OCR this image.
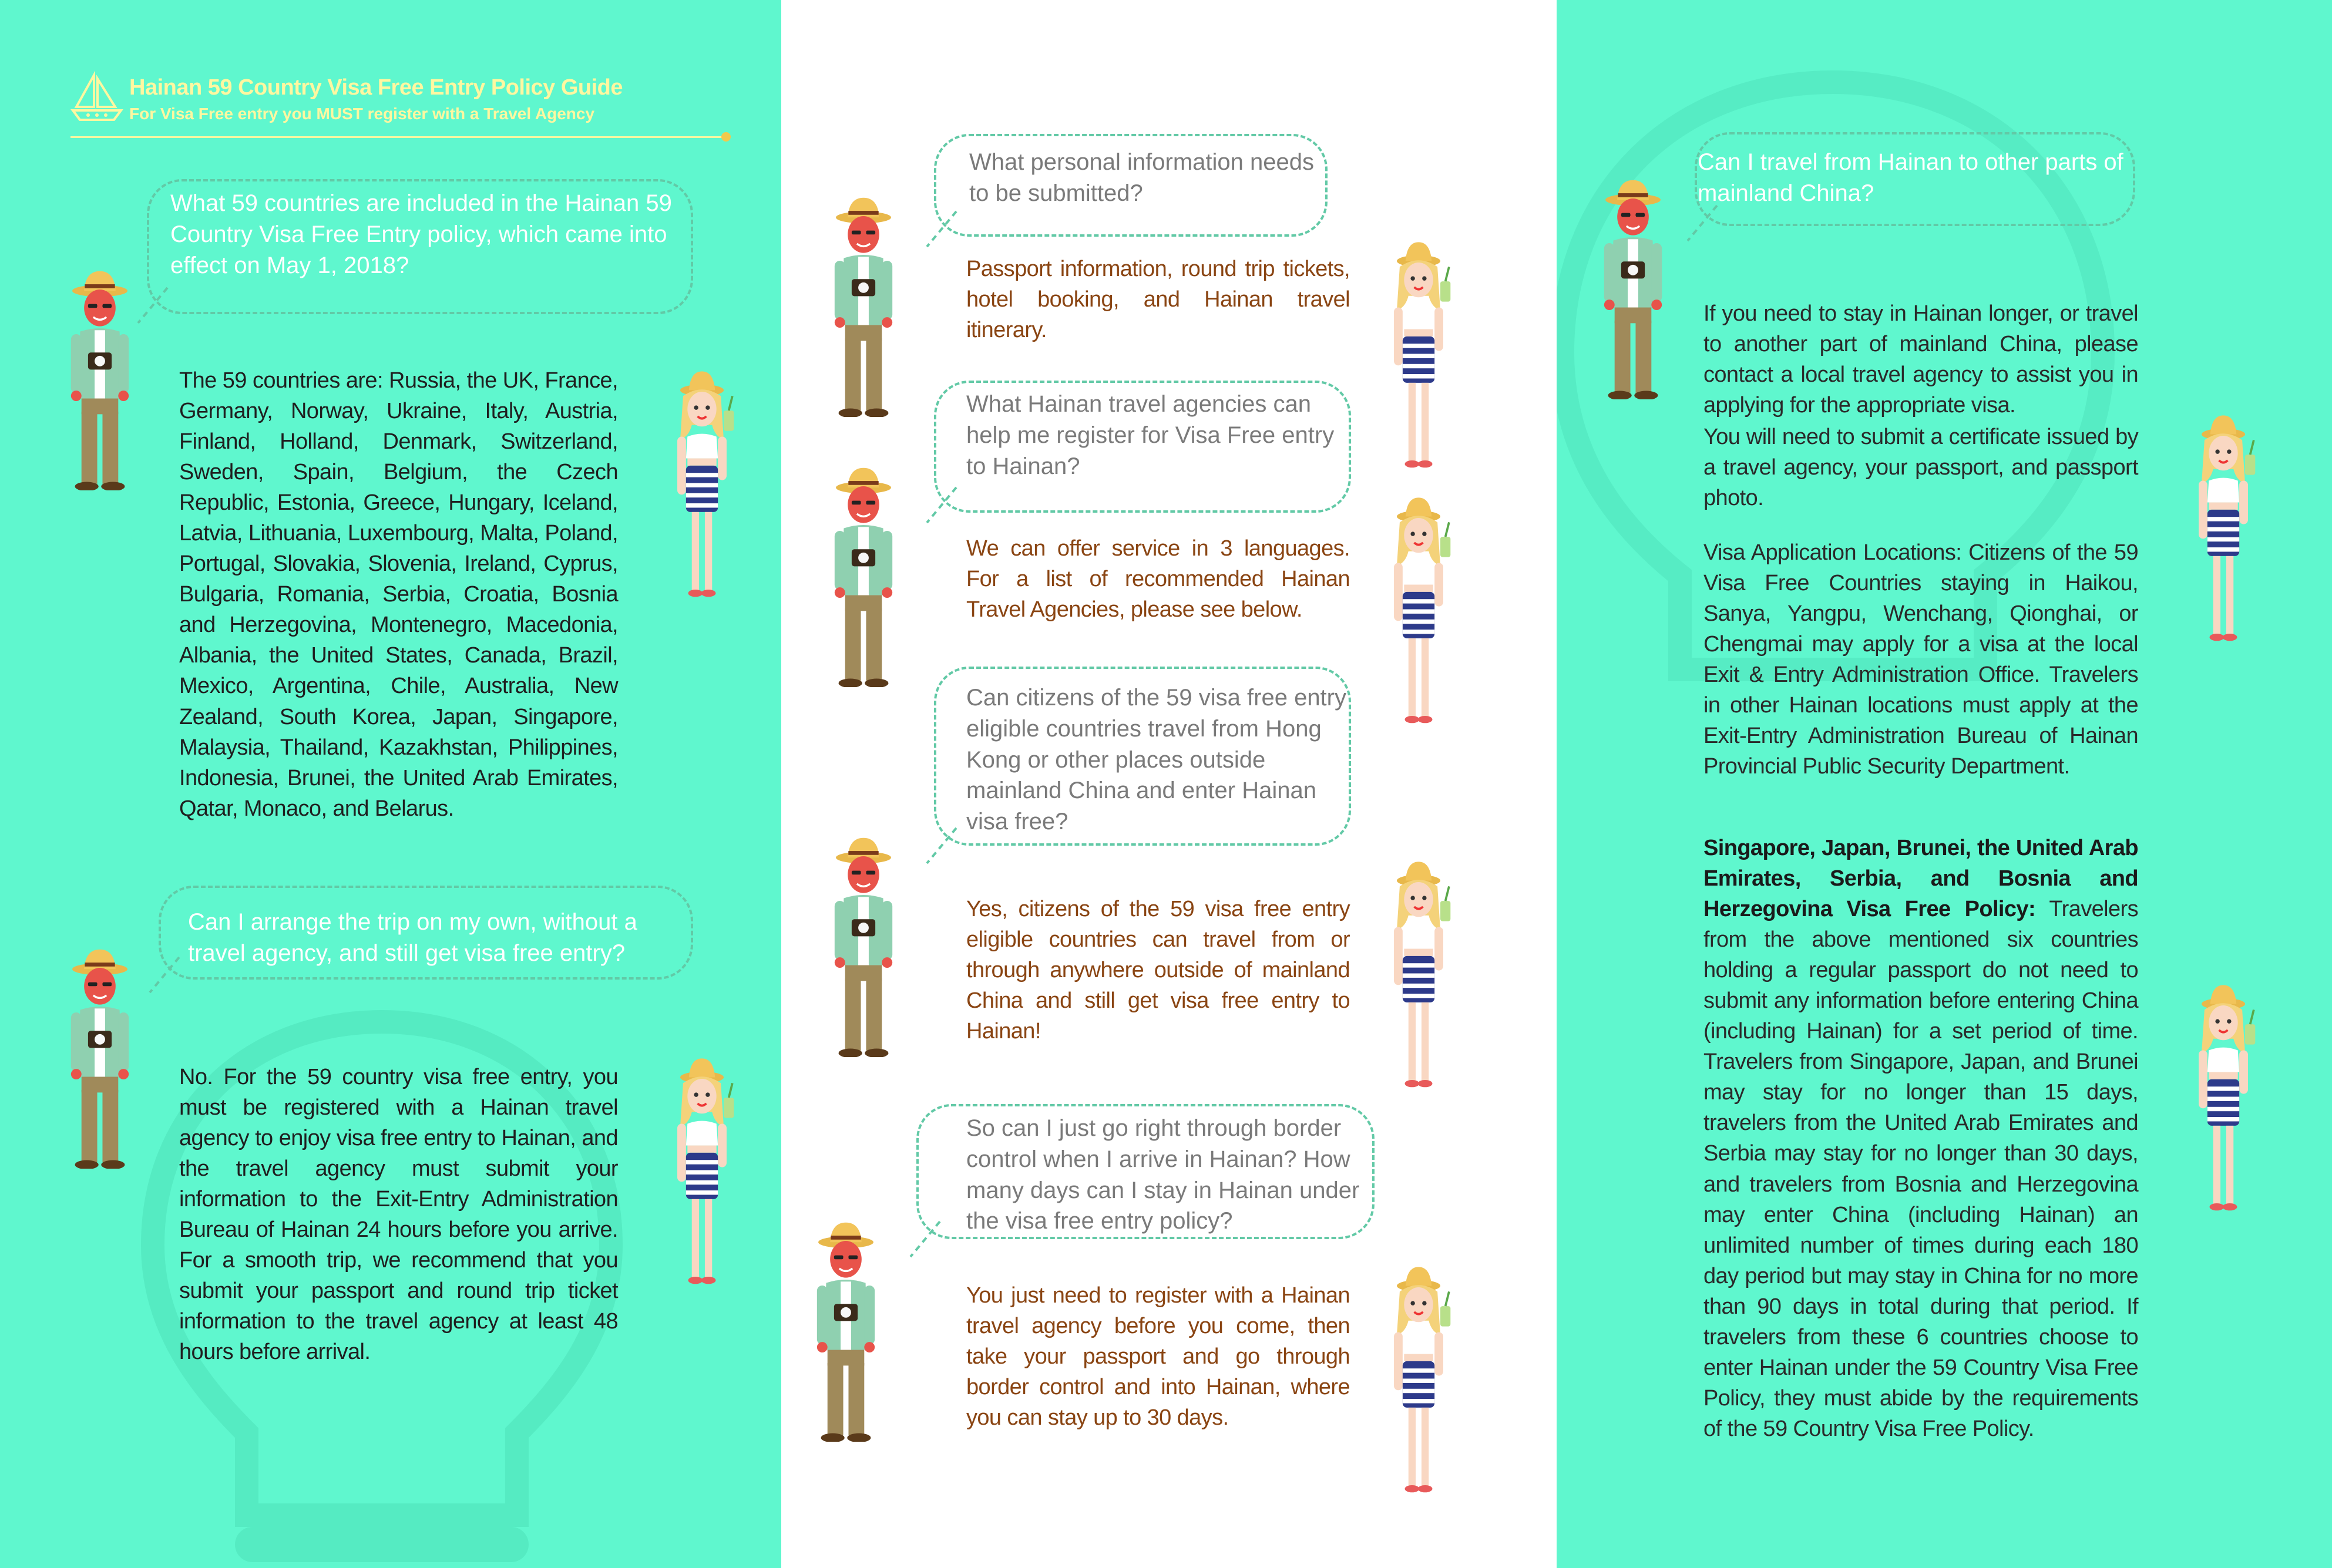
Hainan 59 Country Visa Free Entry Policy Guide
For Visa Free entry you MUST register with a Travel Agency
What 59 countries are included in the Hainan 59 Country Visa Free Entry policy, which came into effect on May 1, 2018?
The 59 countries are: Russia, the UK, France, Germany, Norway, Ukraine, Italy, Austria, Finland, Holland, Denmark, Switzerland, Sweden, Spain, Belgium, the Czech Republic, Estonia, Greece, Hungary, Iceland, Latvia, Lithuania, Luxembourg, Malta, Poland, Portugal, Slovakia, Slovenia, Ireland, Cyprus, Bulgaria, Romania, Serbia, Croatia, Bosnia and Herzegovina, Montenegro, Macedonia, Albania, the United States, Canada, Brazil, Mexico, Argentina, Chile, Australia, New Zealand, South Korea, Japan, Singapore, Malaysia, Thailand, Kazakhstan, Philippines, Indonesia, Brunei, the United Arab Emirates, Qatar, Monaco, and Belarus.
Can I arrange the trip on my own, without a travel agency, and still get visa free entry?
No. For the 59 country visa free entry, you must be registered with a Hainan travel agency to enjoy visa free entry to Hainan, and the travel agency must submit your information to the Exit-Entry Administration Bureau of Hainan 24 hours before you arrive. For a smooth trip, we recommend that you submit your passport and round trip ticket information to the travel agency at least 48 hours before arrival.
What personal information needs to be submitted?
Passport information, round trip tickets, hotel booking, and Hainan travel itinerary.
What Hainan travel agencies can help me register for Visa Free entry to Hainan?
We can offer service in 3 languages. For a list of recommended Hainan Travel Agencies, please see below.
Can citizens of the 59 visa free entry eligible countries travel from Hong Kong or other places outside mainland China and enter Hainan visa free?
Yes, citizens of the 59 visa free entry eligible countries can travel from or through anywhere outside of mainland China and still get visa free entry to Hainan!
So can I just go right through border control when I arrive in Hainan? How many days can I stay in Hainan under the visa free entry policy?
You just need to register with a Hainan travel agency before you come, then take your passport and go through border control and into Hainan, where you can stay up to 30 days.
Can I travel from Hainan to other parts of mainland China?
If you need to stay in Hainan longer, or travel to another part of mainland China, please contact a local travel agency to assist you in applying for the appropriate visa.
You will need to submit a certificate issued by a travel agency, your passport, and passport photo.
Visa Application Locations: Citizens of the 59 Visa Free Countries staying in Haikou, Sanya, Yangpu, Wenchang, Qionghai, or Chengmai may apply for a visa at the local Exit & Entry Administration Office. Travelers in other Hainan locations must apply at the Exit-Entry Administration Bureau of Hainan Provincial Public Security Department.
Singapore, Japan, Brunei, the United Arab Emirates, Serbia, and Bosnia and Herzegovina Visa Free Policy: Travelers from the above mentioned six countries holding a regular passport do not need to submit any information before entering China (including Hainan) for a set period of time. Travelers from Singapore, Japan, and Brunei may stay for no longer than 15 days, travelers from the United Arab Emirates and Serbia may stay for no longer than 30 days, and travelers from Bosnia and Herzegovina may enter China (including Hainan) an unlimited number of times during each 180 day period but may stay in China for no more than 90 days in total during that period. If travelers from these 6 countries choose to enter Hainan under the 59 Country Visa Free Policy, they must abide by the requirements of the 59 Country Visa Free Policy.
